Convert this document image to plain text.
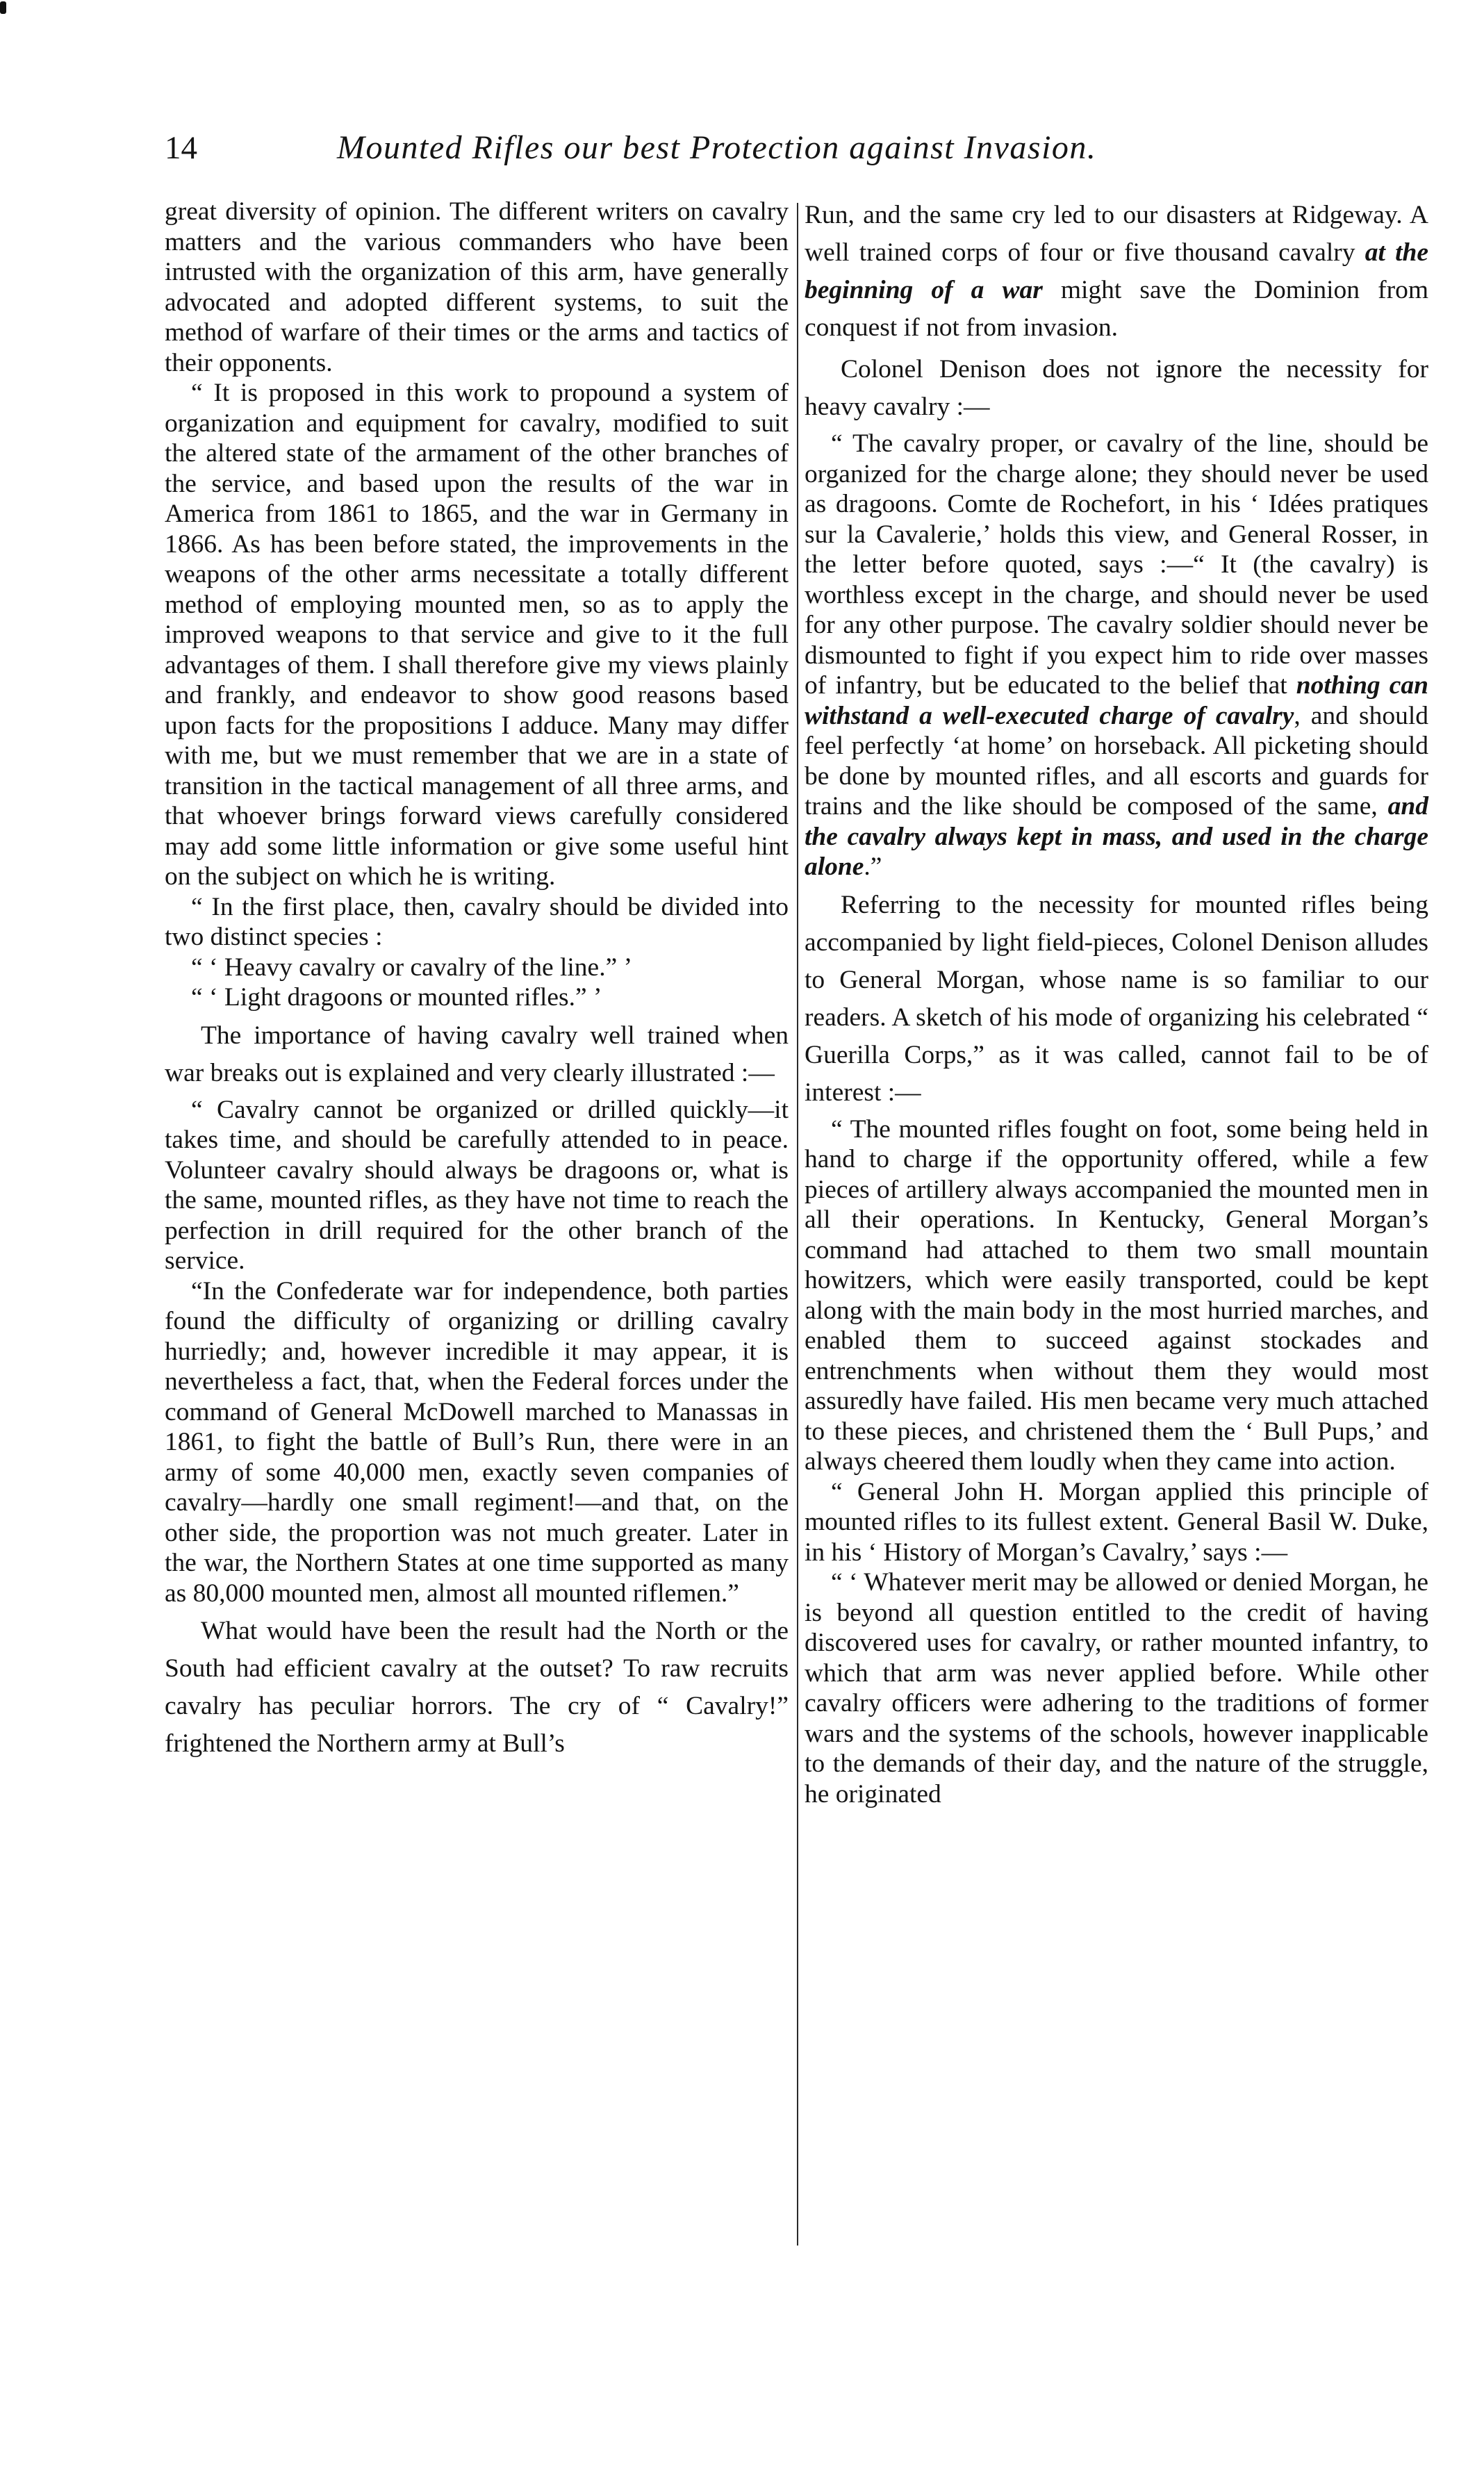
14	Mounted Rifles our best Protection against Invasion.

great diversity of opinion. The different writers on cavalry matters and the various commanders who have been intrusted with the organization of this arm, have generally advocated and adopted different systems, to suit the method of warfare of their times or the arms and tactics of their opponents.

“ It is proposed in this work to propound a system of organization and equipment for cavalry, modified to suit the altered state of the armament of the other branches of the service, and based upon the results of the war in America from 1861 to 1865, and the war in Germany in 1866. As has been before stated, the improvements in the weapons of the other arms necessitate a totally different method of employing mounted men, so as to apply the improved weapons to that service and give to it the full advantages of them. I shall therefore give my views plainly and frankly, and endeavor to show good reasons based upon facts for the propositions I adduce. Many may differ with me, but we must remember that we are in a state of transition in the tactical management of all three arms, and that whoever brings forward views carefully considered may add some little information or give some useful hint on the subject on which he is writing.

“ In the first place, then, cavalry should be divided into two distinct species :

“ ‘ Heavy cavalry or cavalry of the line.” ’

“ ‘ Light dragoons or mounted rifles.” ’

The importance of having cavalry well trained when war breaks out is explained and very clearly illustrated :—

“ Cavalry cannot be organized or drilled quickly—it takes time, and should be carefully attended to in peace. Volunteer cavalry should always be dragoons or, what is the same, mounted rifles, as they have not time to reach the perfection in drill required for the other branch of the service.

“In the Confederate war for independence, both parties found the difficulty of organizing or drilling cavalry hurriedly; and, however incredible it may appear, it is nevertheless a fact, that, when the Federal forces under the command of General McDowell marched to Manassas in 1861, to fight the battle of Bull’s Run, there were in an army of some 40,000 men, exactly seven companies of cavalry—hardly one small regiment!—and that, on the other side, the proportion was not much greater. Later in the war, the Northern States at one time supported as many as 80,000 mounted men, almost all mounted riflemen.”

What would have been the result had the North or the South had efficient cavalry at the outset? To raw recruits cavalry has peculiar horrors. The cry of “ Cavalry!” frightened the Northern army at Bull’s

Run, and the same cry led to our disasters at Ridgeway. A well trained corps of four or five thousand cavalry at the beginning of a war might save the Dominion from conquest if not from invasion.

Colonel Denison does not ignore the necessity for heavy cavalry :—

“ The cavalry proper, or cavalry of the line, should be organized for the charge alone; they should never be used as dragoons. Comte de Rochefort, in his ‘ Idées pratiques sur la Cavalerie,’ holds this view, and General Rosser, in the letter before quoted, says :—“ It (the cavalry) is worthless except in the charge, and should never be used for any other purpose. The cavalry soldier should never be dismounted to fight if you expect him to ride over masses of infantry, but be educated to the belief that nothing can withstand a well-executed charge of cavalry, and should feel perfectly ‘at home’ on horseback. All picketing should be done by mounted rifles, and all escorts and guards for trains and the like should be composed of the same, and the cavalry always kept in mass, and used in the charge alone.”

Referring to the necessity for mounted rifles being accompanied by light field-pieces, Colonel Denison alludes to General Morgan, whose name is so familiar to our readers. A sketch of his mode of organizing his celebrated “ Guerilla Corps,” as it was called, cannot fail to be of interest :—

“ The mounted rifles fought on foot, some being held in hand to charge if the opportunity offered, while a few pieces of artillery always accompanied the mounted men in all their operations. In Kentucky, General Morgan’s command had attached to them two small mountain howitzers, which were easily transported, could be kept along with the main body in the most hurried marches, and enabled them to succeed against stockades and entrenchments when without them they would most assuredly have failed. His men became very much attached to these pieces, and christened them the ‘ Bull Pups,’ and always cheered them loudly when they came into action.

“ General John H. Morgan applied this principle of mounted rifles to its fullest extent. General Basil W. Duke, in his ‘ History of Morgan’s Cavalry,’ says :—

“ ‘ Whatever merit may be allowed or denied Morgan, he is beyond all question entitled to the credit of having discovered uses for cavalry, or rather mounted infantry, to which that arm was never applied before. While other cavalry officers were adhering to the traditions of former wars and the systems of the schools, however inapplicable to the demands of their day, and the nature of the struggle, he originated
